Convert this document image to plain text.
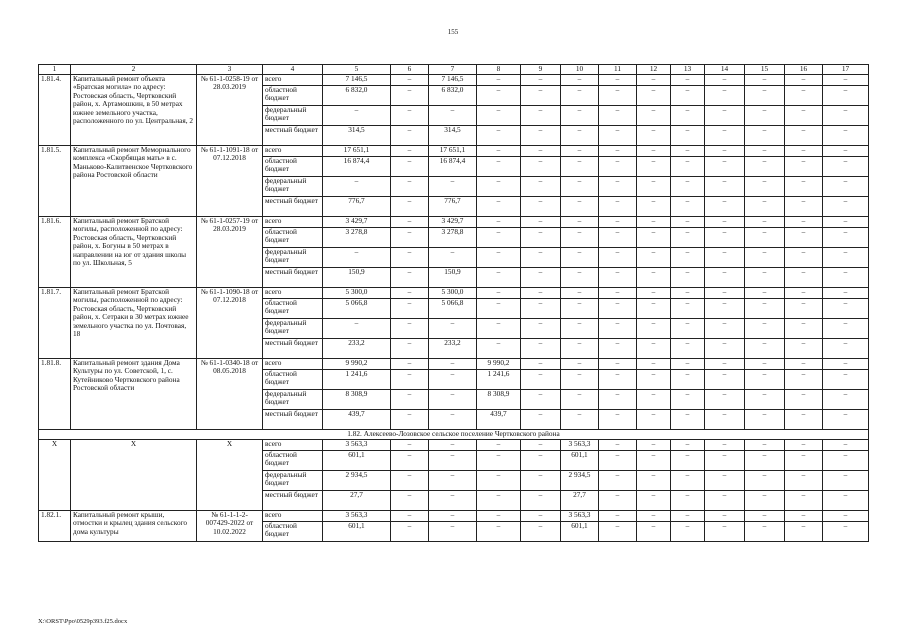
155
1	2	3	4	5	6	7	8	9	10	11	12	13	14	15	16	17
1.81.4.	Капитальный ремонт объекта «Братская могила» по адресу: Ростовская область, Чертковский район, х. Артамошкин, в 50 метрах южнее земельного участка, расположенного по ул. Центральная, 2	№ 61-1-0258-19 от 28.03.2019	всего	7 146,5	–	7 146,5	–	–	–	–	–	–	–	–	–	–
			областной бюджет	6 832,0	–	6 832,0	–	–	–	–	–	–	–	–	–	–
			федеральный бюджет	–	–	–	–	–	–	–	–	–	–	–	–	–
			местный бюджет	314,5	–	314,5	–	–	–	–	–	–	–	–	–	–
1.81.5.	Капитальный ремонт Мемориального комплекса «Скорбящая мать» в с. Маньково-Калитвенское Чертковского района Ростовской области	№ 61-1-1091-18 от 07.12.2018	всего	17 651,1	–	17 651,1	–	–	–	–	–	–	–	–	–	–
			областной бюджет	16 874,4	–	16 874,4	–	–	–	–	–	–	–	–	–	–
			федеральный бюджет	–	–	–	–	–	–	–	–	–	–	–	–	–
			местный бюджет	776,7	–	776,7	–	–	–	–	–	–	–	–	–	–
1.81.6.	Капитальный ремонт Братской могилы, расположенной по адресу: Ростовская область, Чертковский район, х. Богуны в 50 метрах в направлении на юг от здания школы по ул. Школьная, 5	№ 61-1-0257-19 от 28.03.2019	всего	3 429,7	–	3 429,7	–	–	–	–	–	–	–	–	–	–
			областной бюджет	3 278,8	–	3 278,8	–	–	–	–	–	–	–	–	–	–
			федеральный бюджет	–	–	–	–	–	–	–	–	–	–	–	–	–
			местный бюджет	150,9	–	150,9	–	–	–	–	–	–	–	–	–	–
1.81.7.	Капитальный ремонт Братской могилы, расположенной по адресу: Ростовская область, Чертковский район, х. Сетраки в 30 метрах южнее земельного участка по ул. Почтовая, 18	№ 61-1-1090-18 от 07.12.2018	всего	5 300,0	–	5 300,0	–	–	–	–	–	–	–	–	–	–
			областной бюджет	5 066,8	–	5 066,8	–	–	–	–	–	–	–	–	–	–
			федеральный бюджет	–	–	–	–	–	–	–	–	–	–	–	–	–
			местный бюджет	233,2	–	233,2	–	–	–	–	–	–	–	–	–	–
1.81.8.	Капитальный ремонт здания Дома Культуры по ул. Советской, 1, с. Кутейниково Чертковского района Ростовской области	№ 61-1-0340-18 от 08.05.2018	всего	9 990,2	–	–	9 990,2	–	–	–	–	–	–	–	–	–
			областной бюджет	1 241,6	–	–	1 241,6	–	–	–	–	–	–	–	–	–
			федеральный бюджет	8 308,9	–	–	8 308,9	–	–	–	–	–	–	–	–	–
			местный бюджет	439,7	–	–	439,7	–	–	–	–	–	–	–	–	–
1.82. Алексеево-Лозовское сельское поселение Чертковского района																
Х	Х	Х	всего	3 563,3	–	–	–	–	3 563,3	–	–	–	–	–	–	–
			областной бюджет	601,1	–	–	–	–	601,1	–	–	–	–	–	–	–
			федеральный бюджет	2 934,5	–	–	–	–	2 934,5	–	–	–	–	–	–	–
			местный бюджет	27,7	–	–	–	–	27,7	–	–	–	–	–	–	–
1.82.1.	Капитальный ремонт крыши, отмостки и крылец здания сельского дома культуры	№ 61-1-1-2-007429-2022 от 10.02.2022	всего	3 563,3	–	–	–	–	3 563,3	–	–	–	–	–	–	–
			областной бюджет	601,1	–	–	–	–	601,1	–	–	–	–	–	–	–
X:\ORST\Ppo\0529p393.f25.docx
